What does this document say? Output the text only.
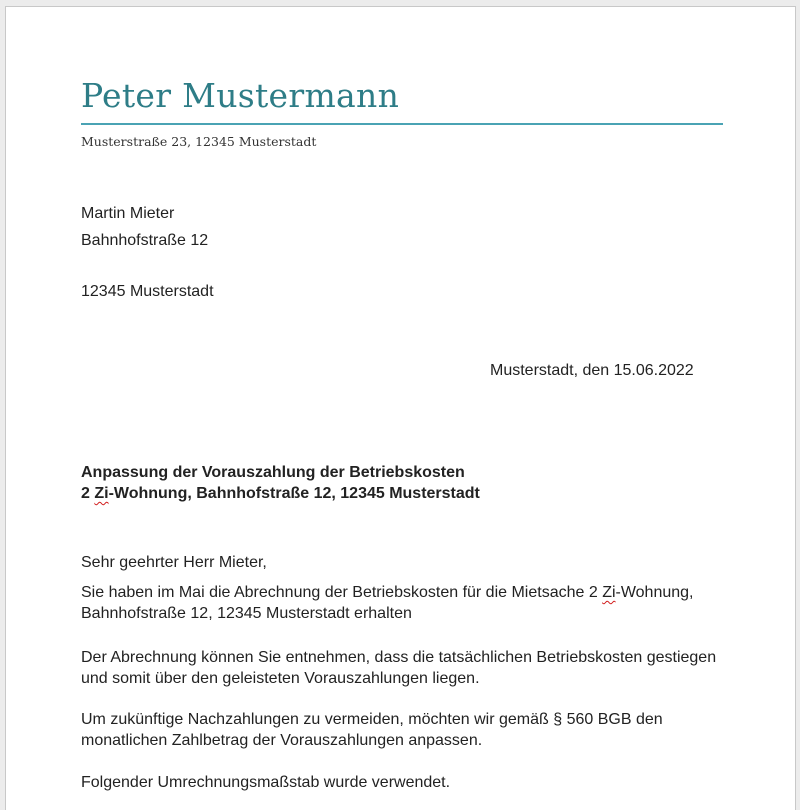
Peter Mustermann
Musterstraße 23, 12345 Musterstadt
Martin Mieter
Bahnhofstraße 12
12345 Musterstadt
Musterstadt, den 15.06.2022
Anpassung der Vorauszahlung der Betriebskosten
2 Zi-Wohnung, Bahnhofstraße 12, 12345 Musterstadt
Sehr geehrter Herr Mieter,
Sie haben im Mai die Abrechnung der Betriebskosten für die Mietsache 2 Zi-Wohnung,
Bahnhofstraße 12, 12345 Musterstadt erhalten
Der Abrechnung können Sie entnehmen, dass die tatsächlichen Betriebskosten gestiegen
und somit über den geleisteten Vorauszahlungen liegen.
Um zukünftige Nachzahlungen zu vermeiden, möchten wir gemäß § 560 BGB den
monatlichen Zahlbetrag der Vorauszahlungen anpassen.
Folgender Umrechnungsmaßstab wurde verwendet.
